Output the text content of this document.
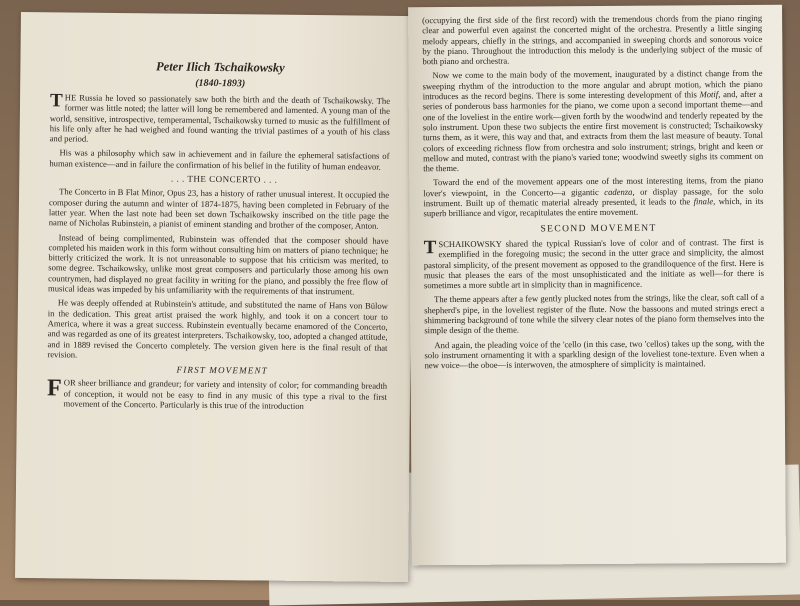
Peter Ilich Tschaikowsky

(1840-1893)

THE Russia he loved so passionately saw both the birth and the death of Tschaikowsky. The former was little noted; the latter will long be remembered and lamented. A young man of the world, sensitive, introspective, temperamental, Tschaikowsky turned to music as the fulfillment of his life only after he had weighed and found wanting the trivial pastimes of a youth of his class and period.

His was a philosophy which saw in achievement and in failure the ephemeral satisfactions of human existence—and in failure the confirmation of his belief in the futility of human endeavor.

. . . THE CONCERTO . . .

The Concerto in B Flat Minor, Opus 23, has a history of rather unusual interest. It occupied the composer during the autumn and winter of 1874-1875, having been completed in February of the latter year. When the last note had been set down Tschaikowsky inscribed on the title page the name of Nicholas Rubinstein, a pianist of eminent standing and brother of the composer, Anton.

Instead of being complimented, Rubinstein was offended that the composer should have completed his maiden work in this form without consulting him on matters of piano technique; he bitterly criticized the work. It is not unreasonable to suppose that his criticism was merited, to some degree. Tschaikowsky, unlike most great composers and particularly those among his own countrymen, had displayed no great facility in writing for the piano, and possibly the free flow of musical ideas was impeded by his unfamiliarity with the requirements of that instrument.

He was deeply offended at Rubinstein's attitude, and substituted the name of Hans von Bülow in the dedication. This great artist praised the work highly, and took it on a concert tour to America, where it was a great success. Rubinstein eventually became enamored of the Concerto, and was regarded as one of its greatest interpreters. Tschaikowsky, too, adopted a changed attitude, and in 1889 revised the Concerto completely. The version given here is the final result of that revision.

FIRST MOVEMENT

FOR sheer brilliance and grandeur; for variety and intensity of color; for commanding breadth of conception, it would not be easy to find in any music of this type a rival to the first movement of the Concerto. Particularly is this true of the introduction

(occupying the first side of the first record) with the tremendous chords from the piano ringing clear and powerful even against the concerted might of the orchestra. Presently a little singing melody appears, chiefly in the strings, and accompanied in sweeping chords and sonorous voice by the piano. Throughout the introduction this melody is the underlying subject of the music of both piano and orchestra.

Now we come to the main body of the movement, inaugurated by a distinct change from the sweeping rhythm of the introduction to the more angular and abrupt motion, which the piano introduces as the record begins. There is some interesting development of this Motif, and, after a series of ponderous bass harmonies for the piano, we come upon a second important theme—and one of the loveliest in the entire work—given forth by the woodwind and tenderly repeated by the solo instrument. Upon these two subjects the entire first movement is constructed; Tschaikowsky turns them, as it were, this way and that, and extracts from them the last measure of beauty. Tonal colors of exceeding richness flow from orchestra and solo instrument; strings, bright and keen or mellow and muted, contrast with the piano's varied tone; woodwind sweetly sighs its comment on the theme.

Toward the end of the movement appears one of the most interesting items, from the piano lover's viewpoint, in the Concerto—a gigantic cadenza, or display passage, for the solo instrument. Built up of thematic material already presented, it leads to the finale, which, in its superb brilliance and vigor, recapitulates the entire movement.

SECOND MOVEMENT

TSCHAIKOWSKY shared the typical Russian's love of color and of contrast. The first is exemplified in the foregoing music; the second in the utter grace and simplicity, the almost pastoral simplicity, of the present movement as opposed to the grandiloquence of the first. Here is music that pleases the ears of the most unsophisticated and the initiate as well—for there is sometimes a more subtle art in simplicity than in magnificence.

The theme appears after a few gently plucked notes from the strings, like the clear, soft call of a shepherd's pipe, in the loveliest register of the flute. Now the bassoons and muted strings erect a shimmering background of tone while the silvery clear notes of the piano form themselves into the simple design of the theme.

And again, the pleading voice of the 'cello (in this case, two 'cellos) takes up the song, with the solo instrument ornamenting it with a sparkling design of the loveliest tone-texture. Even when a new voice—the oboe—is interwoven, the atmosphere of simplicity is maintained.
